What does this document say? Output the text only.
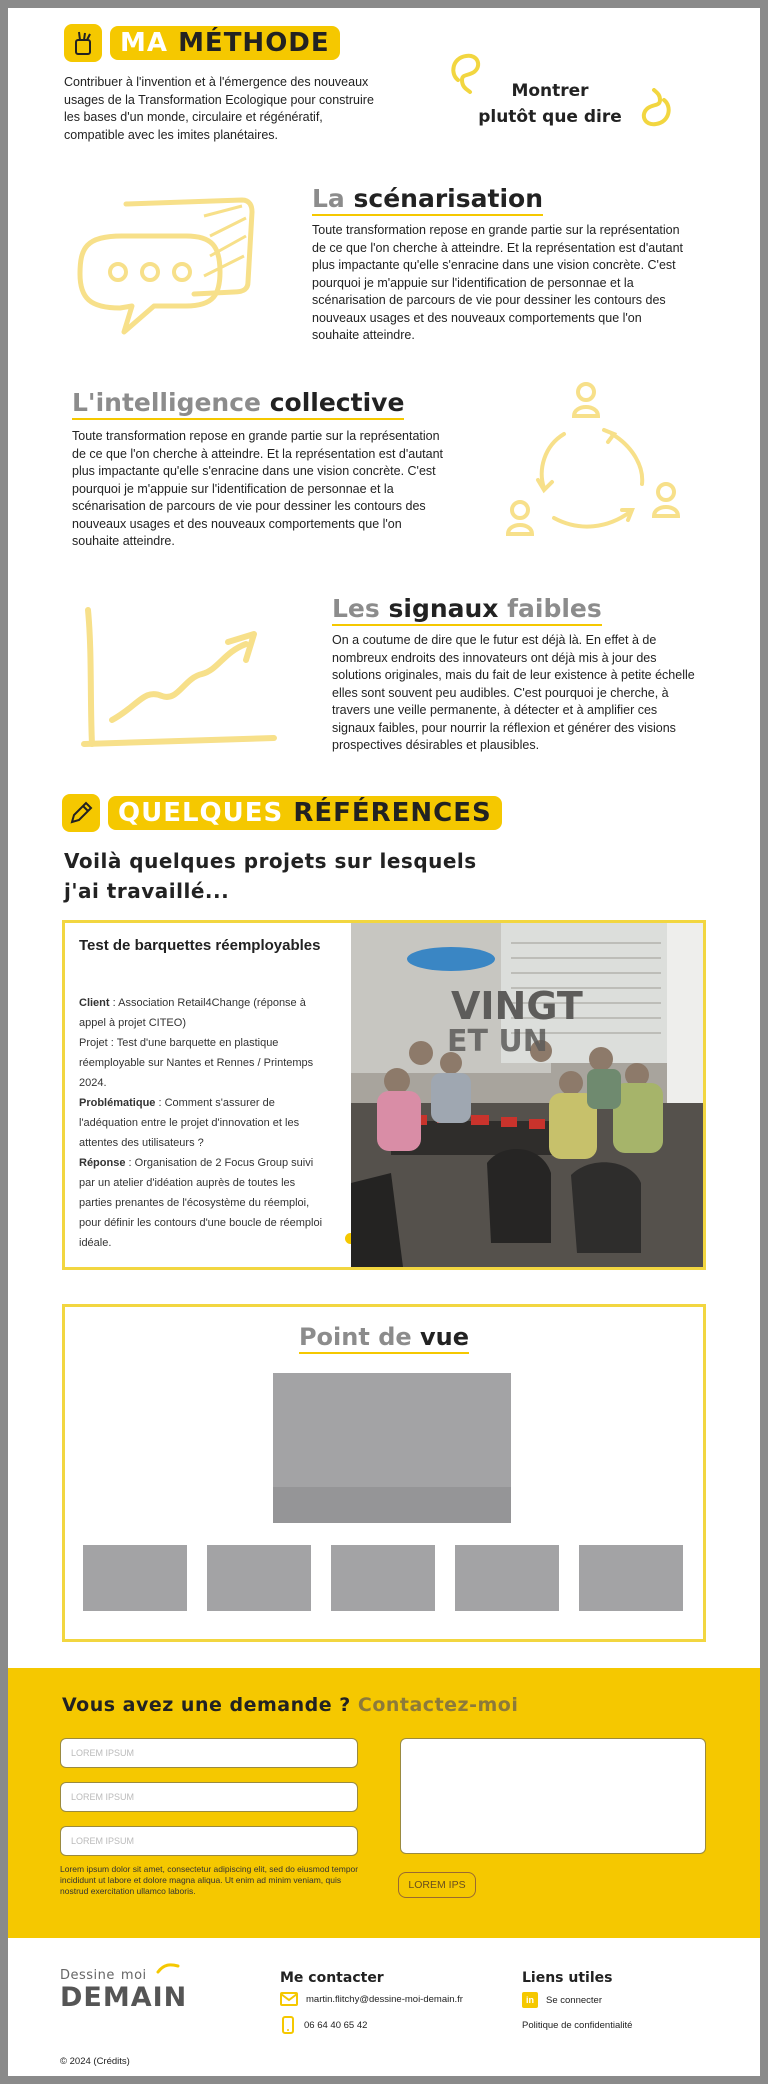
MA MÉTHODE
Contribuer à l'invention et à l'émergence des nouveaux usages de la Transformation Ecologique pour construire les bases d'un monde, circulaire et régénératif, compatible avec les imites planétaires.
Montrer
plutôt que dire
La scénarisation
Toute transformation repose en grande partie sur la représentation de ce que l'on cherche à atteindre. Et la représentation est d'autant plus impactante qu'elle s'enracine dans une vision concrète. C'est pourquoi je m'appuie sur l'identification de personnae et la scénarisation de parcours de vie pour dessiner les contours des nouveaux usages et des nouveaux comportements que l'on souhaite atteindre.
L'intelligence collective
Toute transformation repose en grande partie sur la représentation de ce que l'on cherche à atteindre. Et la représentation est d'autant plus impactante qu'elle s'enracine dans une vision concrète. C'est pourquoi je m'appuie sur l'identification de personnae et la scénarisation de parcours de vie pour dessiner les contours des nouveaux usages et des nouveaux comportements que l'on souhaite atteindre.
Les signaux faibles
On a coutume de dire que le futur est déjà là. En effet à de nombreux endroits des innovateurs ont déjà mis à jour des solutions originales, mais du fait de leur existence à petite échelle elles sont souvent peu audibles. C'est pourquoi je cherche, à travers une veille permanente, à détecter et à amplifier ces signaux faibles, pour nourrir la réflexion et générer des visions prospectives désirables et plausibles.
QUELQUES RÉFÉRENCES
Voilà quelques projets sur lesquels
j'ai travaillé...
Test de barquettes réemployables
Client : Association Retail4Change (réponse à appel à projet CITEO)
Projet : Test d'une barquette en plastique réemployable sur Nantes et Rennes / Printemps 2024.
Problématique : Comment s'assurer de l'adéquation entre le projet d'innovation et les attentes des utilisateurs ?
Réponse : Organisation de 2 Focus Group suivi par un atelier d'idéation auprès de toutes les parties prenantes de l'écosystème du réemploi, pour définir les contours d'une boucle de réemploi idéale.
VINGT
ET UN
Point de vue
Vous avez une demande ? Contactez-moi
LOREM IPSUM
LOREM IPSUM
LOREM IPSUM
Lorem ipsum dolor sit amet, consectetur adipiscing elit, sed do eiusmod tempor incididunt ut labore et dolore magna aliqua. Ut enim ad minim veniam, quis nostrud exercitation ullamco laboris.	LOREM IPS
Dessine moi
DEMAIN
Me contacter
martin.flitchy@dessine-moi-demain.fr
06 64 40 65 42
Liens utiles
in	Se connecter
Politique de confidentialité
© 2024 (Crédits)
